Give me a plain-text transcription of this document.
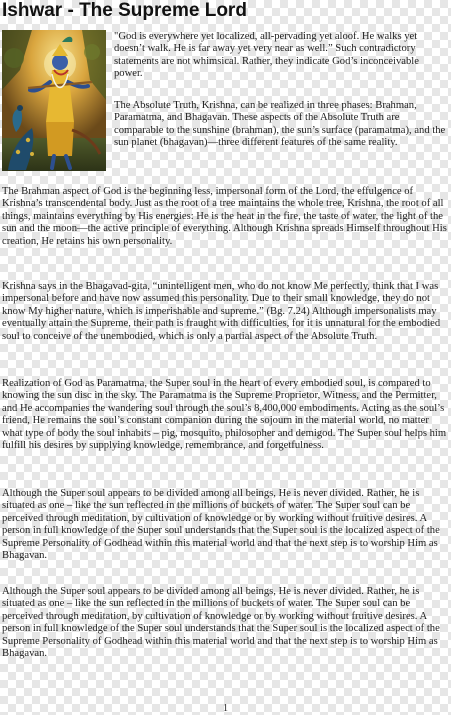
Ishwar - The Supreme Lord

"God is everywhere yet localized, all-pervading yet aloof. He walks yet doesn’t walk. He is far away yet very near as well.” Such contradictory statements are not whimsical. Rather, they indicate God’s inconceivable power.

The Absolute Truth, Krishna, can be realized in three phases: Brahman, Paramatma, and Bhagavan. These aspects of the Absolute Truth are comparable to the sunshine (brahman), the sun’s surface (paramatma), and the sun planet (bhagavan)—three different features of the same reality.

The Brahman aspect of God is the beginning less, impersonal form of the Lord, the effulgence of Krishna’s transcendental body. Just as the root of a tree maintains the whole tree, Krishna, the root of all things, maintains everything by His energies: He is the heat in the fire, the taste of water, the light of the sun and the moon—the active principle of everything. Although Krishna spreads Himself throughout His creation, He retains his own personality.

Krishna says in the Bhagavad-gita, “unintelligent men, who do not know Me perfectly, think that I was impersonal before and have now assumed this personality. Due to their small knowledge, they do not know My higher nature, which is imperishable and supreme.” (Bg. 7.24) Although impersonalists may eventually attain the Supreme, their path is fraught with difficulties, for it is unnatural for the embodied soul to conceive of the unembodied, which is only a partial aspect of the Absolute Truth.

Realization of God as Paramatma, the Super soul in the heart of every embodied soul, is compared to knowing the sun disc in the sky. The Paramatma is the Supreme Proprietor, Witness, and the Permitter, and He accompanies the wandering soul through the soul’s 8,400,000 embodiments. Acting as the soul’s friend, He remains the soul’s constant companion during the sojourn in the material world, no matter what type of body the soul inhabits – pig, mosquito, philosopher and demigod. The Super soul helps him fulfill his desires by supplying knowledge, remembrance, and forgetfulness.

Although the Super soul appears to be divided among all beings, He is never divided. Rather, he is situated as one – like the sun reflected in the millions of buckets of water. The Super soul can be perceived through meditation, by cultivation of knowledge or by working without fruitive desires. A person in full knowledge of the Super soul understands that the Super soul is the localized aspect of the Supreme Personality of Godhead within this material world and that the next step is to worship Him as Bhagavan.

Although the Super soul appears to be divided among all beings, He is never divided. Rather, he is situated as one – like the sun reflected in the millions of buckets of water. The Super soul can be perceived through meditation, by cultivation of knowledge or by working without fruitive desires. A person in full knowledge of the Super soul understands that the Super soul is the localized aspect of the Supreme Personality of Godhead within this material world and that the next step is to worship Him as Bhagavan.

1
